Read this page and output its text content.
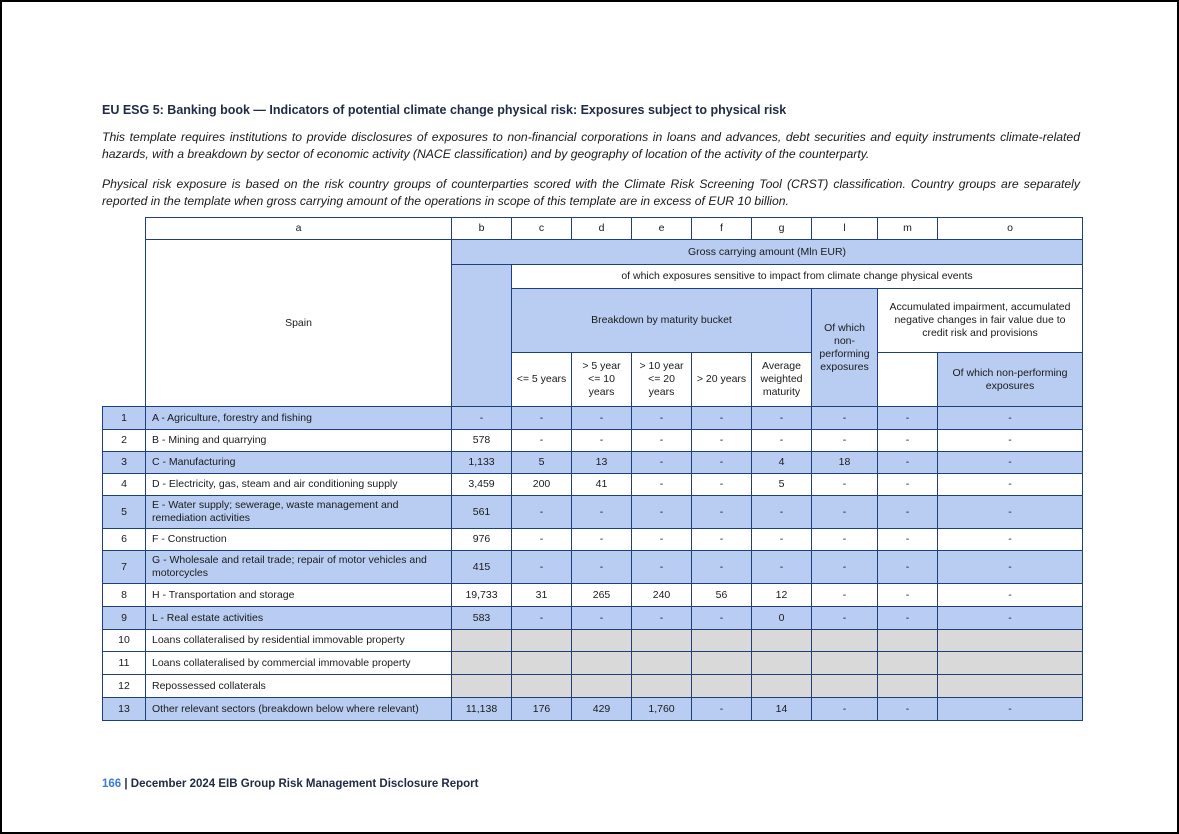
EU ESG 5: Banking book — Indicators of potential climate change physical risk: Exposures subject to physical risk
This template requires institutions to provide disclosures of exposures to non-financial corporations in loans and advances, debt securities and equity instruments climate-related hazards, with a breakdown by sector of economic activity (NACE classification) and by geography of location of the activity of the counterparty.
Physical risk exposure is based on the risk country groups of counterparties scored with the Climate Risk Screening Tool (CRST) classification. Country groups are separately reported in the template when gross carrying amount of the operations in scope of this template are in excess of EUR 10 billion.
	a	b	c	d	e	f	g	l	m	o
	Spain	Gross carrying amount (Mln EUR)								
			of which exposures sensitive to impact from climate change physical events							
			Breakdown by maturity bucket					Of which non-performing exposures	Accumulated impairment, accumulated negative changes in fair value due to credit risk and provisions	
			<= 5 years	> 5 year <= 10 years	> 10 year <= 20 years	> 20 years	Average weighted maturity			Of which non-performing exposures
1	A - Agriculture, forestry and fishing	-	-	-	-	-	-	-	-	-
2	B - Mining and quarrying	578	-	-	-	-	-	-	-	-
3	C - Manufacturing	1,133	5	13	-	-	4	18	-	-
4	D - Electricity, gas, steam and air conditioning supply	3,459	200	41	-	-	5	-	-	-
5	E - Water supply; sewerage, waste management and remediation activities	561	-	-	-	-	-	-	-	-
6	F - Construction	976	-	-	-	-	-	-	-	-
7	G - Wholesale and retail trade; repair of motor vehicles and motorcycles	415	-	-	-	-	-	-	-	-
8	H - Transportation and storage	19,733	31	265	240	56	12	-	-	-
9	L - Real estate activities	583	-	-	-	-	0	-	-	-
10	Loans collateralised by residential immovable property									
11	Loans collateralised by commercial immovable property									
12	Repossessed collaterals									
13	Other relevant sectors (breakdown below where relevant)	11,138	176	429	1,760	-	14	-	-	-
166 | December 2024 EIB Group Risk Management Disclosure Report
